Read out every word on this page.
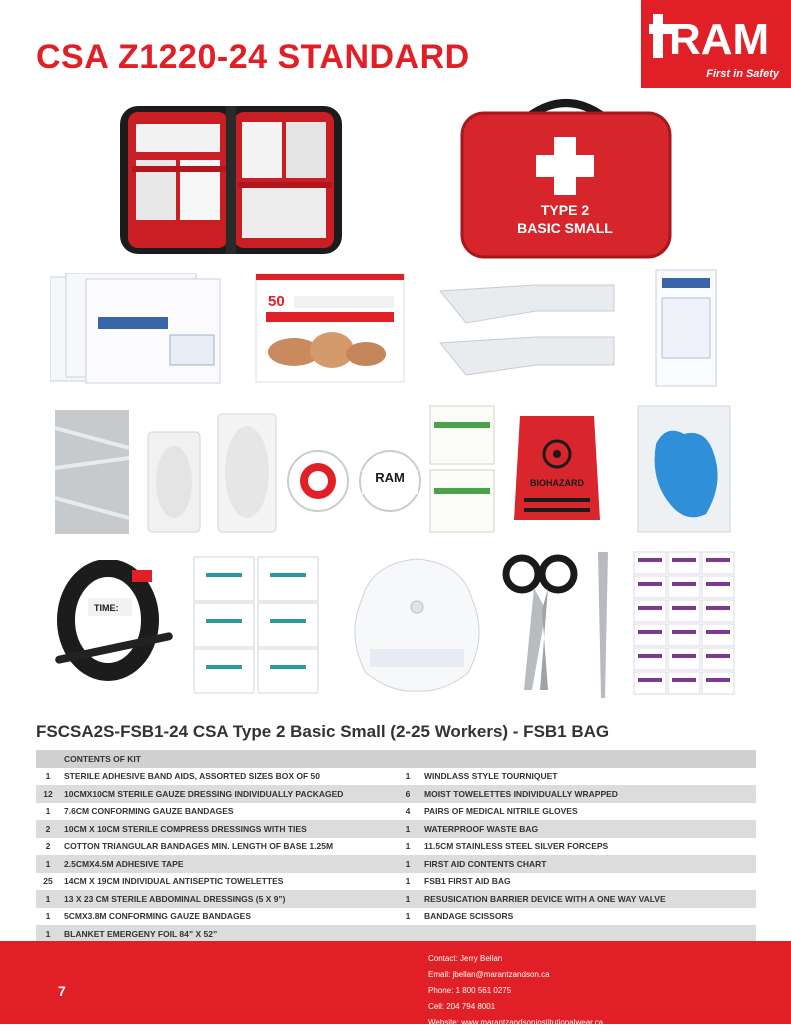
CSA Z1220-24 STANDARD	RAM
First in Safety
TYPE 2
BASIC SMALL
50
RAM	BIOHAZARD
TIME:
FSCSA2S-FSB1-24 CSA Type 2 Basic Small (2-25 Workers) - FSB1 BAG
	CONTENTS OF KIT		
1	STERILE ADHESIVE BAND AIDS, ASSORTED SIZES BOX OF 50	1	WINDLASS STYLE TOURNIQUET
12	10CMX10CM STERILE GAUZE DRESSING INDIVIDUALLY PACKAGED	6	MOIST TOWELETTES INDIVIDUALLY WRAPPED
1	7.6CM CONFORMING GAUZE BANDAGES	4	PAIRS OF MEDICAL NITRILE GLOVES
2	10CM X 10CM STERILE COMPRESS DRESSINGS WITH TIES	1	WATERPROOF WASTE BAG
2	COTTON TRIANGULAR BANDAGES MIN. LENGTH OF BASE 1.25M	1	11.5CM STAINLESS STEEL SILVER FORCEPS
1	2.5CMX4.5M ADHESIVE TAPE	1	FIRST AID CONTENTS CHART
25	14CM X 19CM INDIVIDUAL ANTISEPTIC TOWELETTES	1	FSB1 FIRST AID BAG
1	13 X 23 CM STERILE ABDOMINAL DRESSINGS (5 X 9”)	1	RESUSICATION BARRIER DEVICE WITH A ONE WAY VALVE
1	5CMX3.8M CONFORMING GAUZE BANDAGES	1	BANDAGE SCISSORS
1	BLANKET EMERGENY FOIL 84” X 52”		
7
Contact: Jerry Bellan
Email: jbellan@marantzandson.ca
Phone: 1 800 561 0275
Cell: 204 794 8001
Website: www.marantzandsoninstitutionalwear.ca
